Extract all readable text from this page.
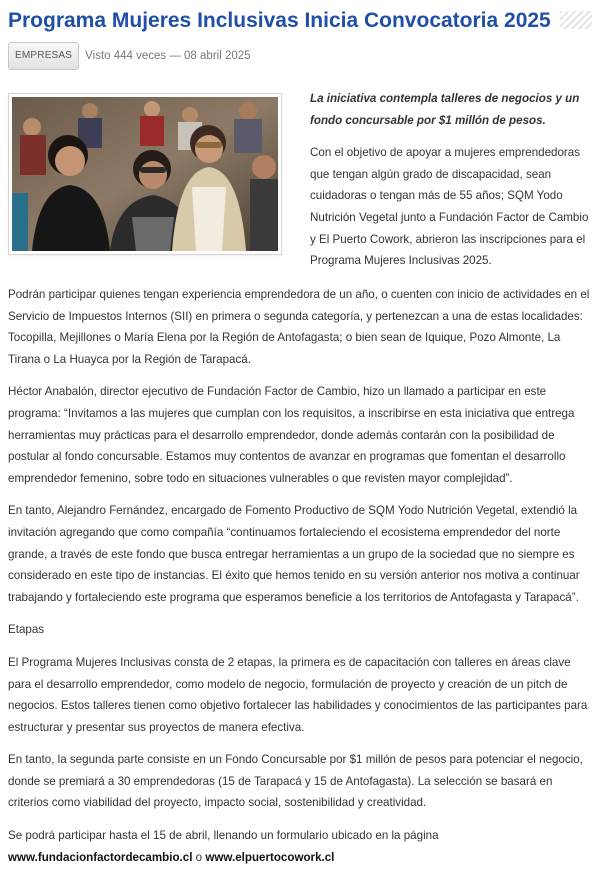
Programa Mujeres Inclusivas Inicia Convocatoria 2025
EMPRESAS	Visto 444 veces — 08 abril 2025

La iniciativa contempla talleres de negocios y un fondo concursable por $1 millón de pesos.

Con el objetivo de apoyar a mujeres emprendedoras que tengan algún grado de discapacidad, sean cuidadoras o tengan más de 55 años; SQM Yodo Nutrición Vegetal junto a Fundación Factor de Cambio y El Puerto Cowork, abrieron las inscripciones para el Programa Mujeres Inclusivas 2025.

Podrán participar quienes tengan experiencia emprendedora de un año, o cuenten con inicio de actividades en el Servicio de Impuestos Internos (SII) en primera o segunda categoría, y pertenezcan a una de estas localidades: Tocopilla, Mejillones o María Elena por la Región de Antofagasta; o bien sean de Iquique, Pozo Almonte, La Tirana o La Huayca por la Región de Tarapacá.

Héctor Anabalón, director ejecutivo de Fundación Factor de Cambio, hizo un llamado a participar en este programa: “Invitamos a las mujeres que cumplan con los requisitos, a inscribirse en esta iniciativa que entrega herramientas muy prácticas para el desarrollo emprendedor, donde además contarán con la posibilidad de postular al fondo concursable. Estamos muy contentos de avanzar en programas que fomentan el desarrollo emprendedor femenino, sobre todo en situaciones vulnerables o que revisten mayor complejidad”.

En tanto, Alejandro Fernández, encargado de Fomento Productivo de SQM Yodo Nutrición Vegetal, extendió la invitación agregando que como compañía “continuamos fortaleciendo el ecosistema emprendedor del norte grande, a través de este fondo que busca entregar herramientas a un grupo de la sociedad que no siempre es considerado en este tipo de instancias. El éxito que hemos tenido en su versión anterior nos motiva a continuar trabajando y fortaleciendo este programa que esperamos beneficie a los territorios de Antofagasta y Tarapacá”.

Etapas

El Programa Mujeres Inclusivas consta de 2 etapas, la primera es de capacitación con talleres en áreas clave para el desarrollo emprendedor, como modelo de negocio, formulación de proyecto y creación de un pitch de negocios. Estos talleres tienen como objetivo fortalecer las habilidades y conocimientos de las participantes para estructurar y presentar sus proyectos de manera efectiva.

En tanto, la segunda parte consiste en un Fondo Concursable por $1 millón de pesos para potenciar el negocio, donde se premiará a 30 emprendedoras (15 de Tarapacá y 15 de Antofagasta). La selección se basará en criterios como viabilidad del proyecto, impacto social, sostenibilidad y creatividad.

Se podrá participar hasta el 15 de abril, llenando un formulario ubicado en la página
www.fundacionfactordecambio.cl o www.elpuertocowork.cl
